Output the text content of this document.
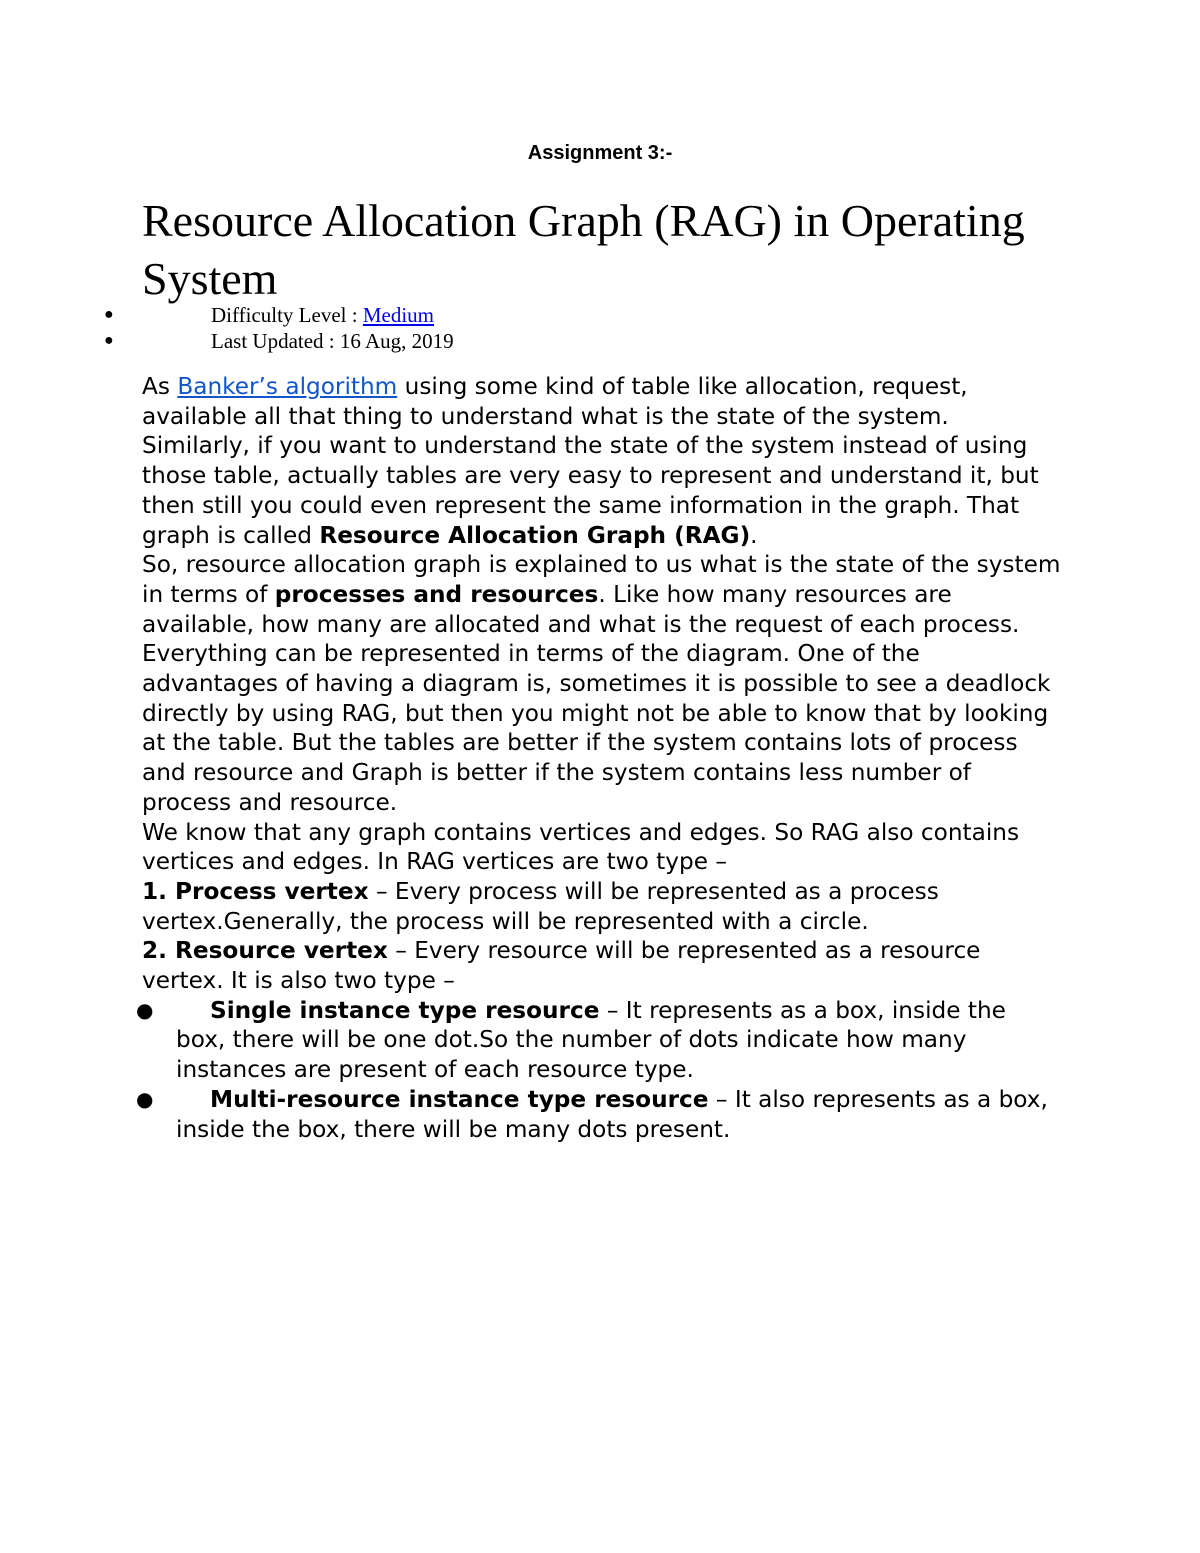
Assignment 3:-
Resource Allocation Graph (RAG) in Operating System
●	Difficulty Level : Medium
●	Last Updated : 16 Aug, 2019

As Banker’s algorithm using some kind of table like allocation, request, available all that thing to understand what is the state of the system. Similarly, if you want to understand the state of the system instead of using those table, actually tables are very easy to represent and understand it, but then still you could even represent the same information in the graph. That graph is called Resource Allocation Graph (RAG).

So, resource allocation graph is explained to us what is the state of the system in terms of processes and resources. Like how many resources are available, how many are allocated and what is the request of each process. Everything can be represented in terms of the diagram. One of the advantages of having a diagram is, sometimes it is possible to see a deadlock directly by using RAG, but then you might not be able to know that by looking at the table. But the tables are better if the system contains lots of process and resource and Graph is better if the system contains less number of process and resource.

We know that any graph contains vertices and edges. So RAG also contains vertices and edges. In RAG vertices are two type –

1. Process vertex – Every process will be represented as a process vertex.Generally, the process will be represented with a circle.

2. Resource vertex – Every resource will be represented as a resource vertex. It is also two type –

● Single instance type resource – It represents as a box, inside the box, there will be one dot.So the number of dots indicate how many instances are present of each resource type.
● Multi-resource instance type resource – It also represents as a box, inside the box, there will be many dots present.
